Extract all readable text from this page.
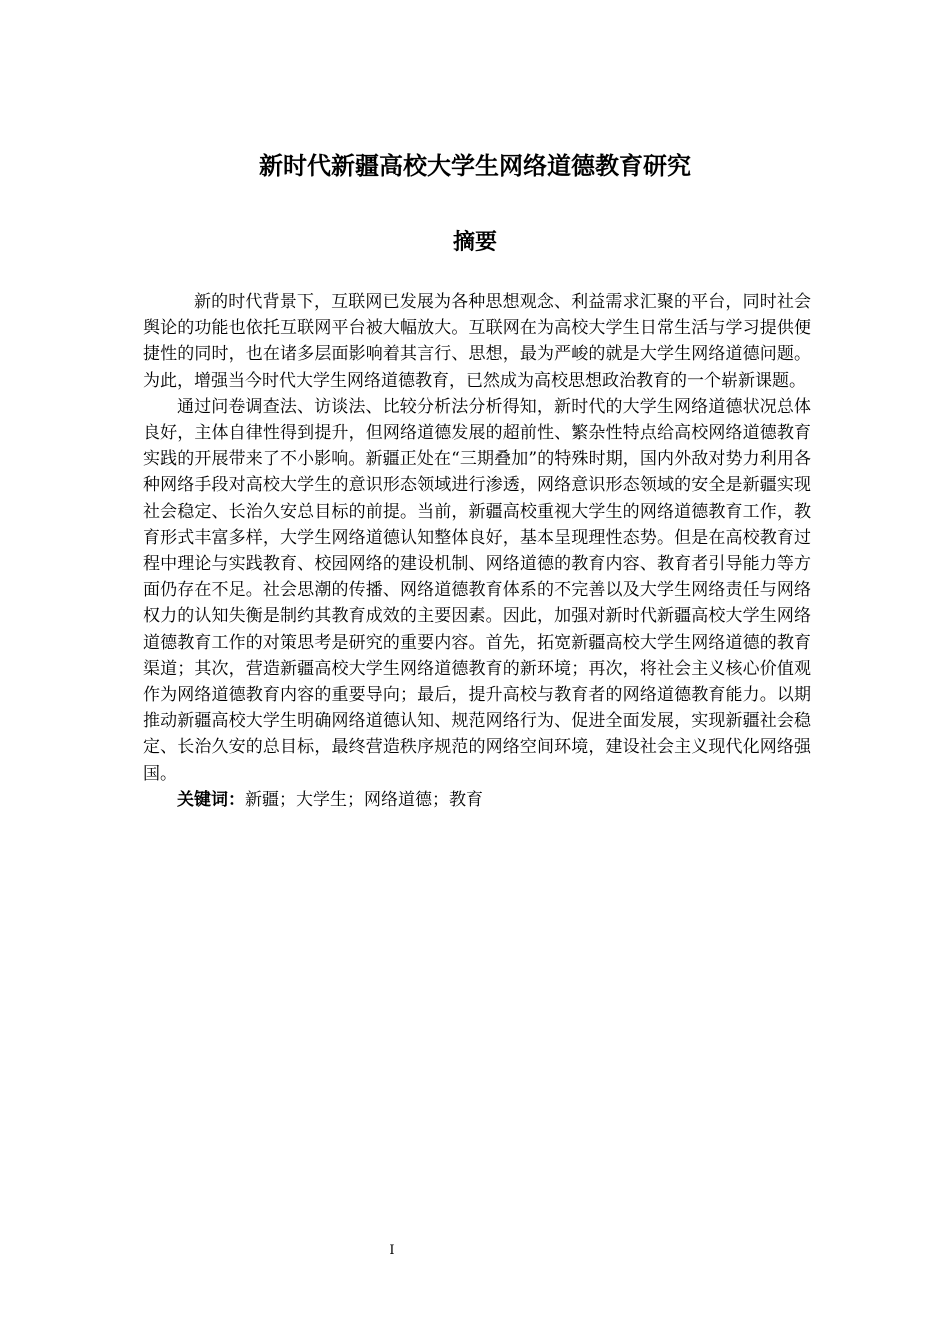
新时代新疆高校大学生网络道德教育研究
摘要

新的时代背景下，互联网已发展为各种思想观念、利益需求汇聚的平台，同时社会舆论的功能也依托互联网平台被大幅放大。互联网在为高校大学生日常生活与学习提供便捷性的同时，也在诸多层面影响着其言行、思想，最为严峻的就是大学生网络道德问题。为此，增强当今时代大学生网络道德教育，已然成为高校思想政治教育的一个崭新课题。

通过问卷调查法、访谈法、比较分析法分析得知，新时代的大学生网络道德状况总体良好，主体自律性得到提升，但网络道德发展的超前性、繁杂性特点给高校网络道德教育实践的开展带来了不小影响。新疆正处在“三期叠加”的特殊时期，国内外敌对势力利用各种网络手段对高校大学生的意识形态领域进行渗透，网络意识形态领域的安全是新疆实现社会稳定、长治久安总目标的前提。当前，新疆高校重视大学生的网络道德教育工作，教育形式丰富多样，大学生网络道德认知整体良好，基本呈现理性态势。但是在高校教育过程中理论与实践教育、校园网络的建设机制、网络道德的教育内容、教育者引导能力等方面仍存在不足。社会思潮的传播、网络道德教育体系的不完善以及大学生网络责任与网络权力的认知失衡是制约其教育成效的主要因素。因此，加强对新时代新疆高校大学生网络道德教育工作的对策思考是研究的重要内容。首先，拓宽新疆高校大学生网络道德的教育渠道；其次，营造新疆高校大学生网络道德教育的新环境；再次，将社会主义核心价值观作为网络道德教育内容的重要导向；最后，提升高校与教育者的网络道德教育能力。以期推动新疆高校大学生明确网络道德认知、规范网络行为、促进全面发展，实现新疆社会稳定、长治久安的总目标，最终营造秩序规范的网络空间环境，建设社会主义现代化网络强国。

关键词：新疆；大学生；网络道德；教育

I
